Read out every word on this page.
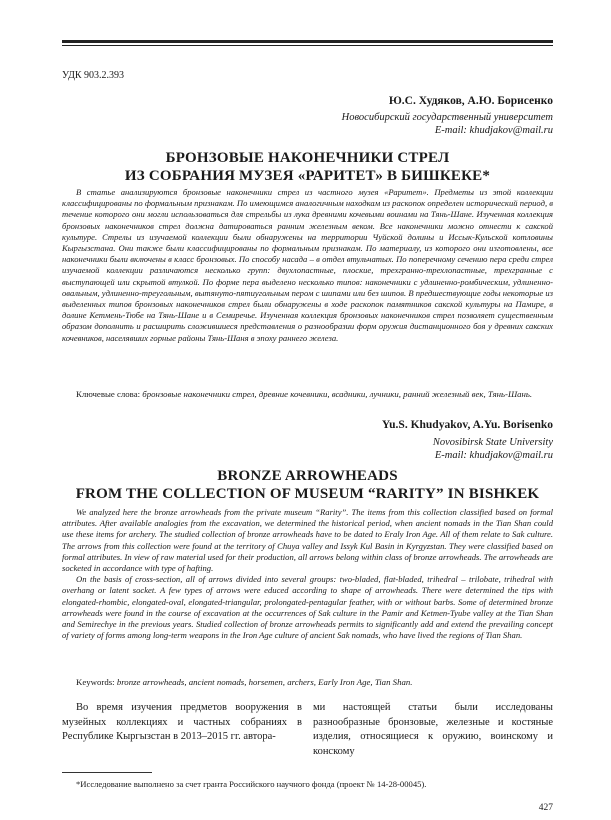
УДК 903.2.393
Ю.С. Худяков, А.Ю. Борисенко
Новосибирский государственный университет
E-mail: khudjakov@mail.ru
БРОНЗОВЫЕ НАКОНЕЧНИКИ СТРЕЛ
ИЗ СОБРАНИЯ МУЗЕЯ «РАРИТЕТ» В БИШКЕКЕ*

В статье анализируются бронзовые наконечники стрел из частного музея «Раритет». Предметы из этой коллекции классифицированы по формальным признакам. По имеющимся аналогичным находкам из раскопок определен исторический период, в течение которого они могли использоваться для стрельбы из лука древними кочевыми воинами на Тянь-Шане. Изученная коллекция бронзовых наконечников стрел должна датироваться ранним железным веком. Все наконечники можно отнести к сакской культуре. Стрелы из изучаемой коллекции были обнаружены на территории Чуйской долины и Иссык-Кульской котловины Кыргызстана. Они также были классифицированы по формальным признакам. По материалу, из которого они изготовлены, все наконечники были включены в класс бронзовых. По способу насада – в отдел втульчатых. По поперечному сечению пера среди стрел изучаемой коллекции различаются несколько групп: двухлопастные, плоские, трехгранно-трехлопастные, трехгранные с выступающей или скрытой втулкой. По форме пера выделено несколько типов: наконечники с удлиненно-ромбическим, удлиненно-овальным, удлиненно-треугольным, вытянуто-пятиугольным пером с шипами или без шипов. В предшествующие годы некоторые из выделенных типов бронзовых наконечников стрел были обнаружены в ходе раскопок памятников сакской культуры на Памире, в долине Кетмень-Тюбе на Тянь-Шане и в Семиречье. Изученная коллекция бронзовых наконечников стрел позволяет существенным образом дополнить и расширить сложившиеся представления о разнообразии форм оружия дистанционного боя у древних сакских кочевников, населявших горные районы Тянь-Шаня в эпоху раннего железа.

Ключевые слова: бронзовые наконечники стрел, древние кочевники, всадники, лучники, ранний железный век, Тянь-Шань.
Yu.S. Khudyakov, A.Yu. Borisenko
Novosibirsk State University
E-mail: khudjakov@mail.ru
BRONZE ARROWHEADS
FROM THE COLLECTION OF MUSEUM “RARITY” IN BISHKEK

We analyzed here the bronze arrowheads from the private museum “Rarity”. The items from this collection classified based on formal attributes. After available analogies from the excavation, we determined the historical period, when ancient nomads in the Tian Shan could use these items for archery. The studied collection of bronze arrowheads have to be dated to Eraly Iron Age. All of them relate to Sak culture. The arrows from this collection were found at the territory of Chuya valley and Issyk Kul Basin in Kyrgyzstan. They were classified based on formal attributes. In view of raw material used for their production, all arrows belong within class of bronze arrowheads. The arrowheads are socketed in accordance with type of hafting.

On the basis of cross-section, all of arrows divided into several groups: two-bladed, flat-bladed, trihedral – trilobate, trihedral with overhang or latent socket. A few types of arrows were educed according to shape of arrowheads. There were determined the tips with elongated-rhombic, elongated-oval, elongated-triangular, prolongated-pentagular feather, with or without barbs. Some of determined bronze arrowheads were found in the course of excavation at the occurrences of Sak culture in the Pamir and Ketmen-Tyube valley at the Tian Shan and Semirechye in the previous years. Studied collection of bronze arrowheads permits to significantly add and extend the prevailing concept of variety of forms among long-term weapons in the Iron Age culture of ancient Sak nomads, who have lived the regions of Tian Shan.

Keywords: bronze arrowheads, ancient nomads, horsemen, archers, Early Iron Age, Tian Shan.

Во время изучения предметов вооружения в музейных коллекциях и частных собраниях в Республике Кыргызстан в 2013–2015 гг. автора-

ми настоящей статьи были исследованы разнообразные бронзовые, железные и костяные изделия, относящиеся к оружию, воинскому и конскому

*Исследование выполнено за счет гранта Российского научного фонда (проект № 14-28-00045).
427
